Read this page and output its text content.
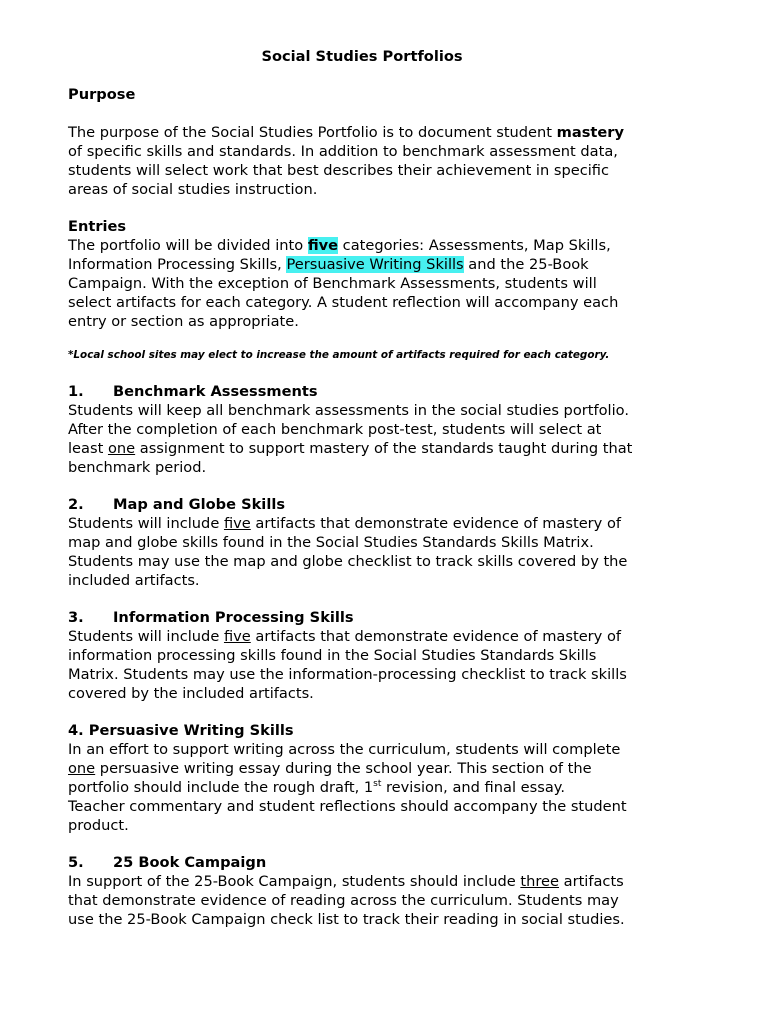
Social Studies Portfolios
Purpose
The purpose of the Social Studies Portfolio is to document student mastery
of specific skills and standards. In addition to benchmark assessment data,
students will select work that best describes their achievement in specific
areas of social studies instruction.
Entries
The portfolio will be divided into five categories: Assessments, Map Skills,
Information Processing Skills, Persuasive Writing Skills and the 25-Book
Campaign. With the exception of Benchmark Assessments, students will
select artifacts for each category. A student reflection will accompany each
entry or section as appropriate.
*Local school sites may elect to increase the amount of artifacts required for each category.
1. Benchmark Assessments
Students will keep all benchmark assessments in the social studies portfolio.
After the completion of each benchmark post-test, students will select at
least one assignment to support mastery of the standards taught during that
benchmark period.
2. Map and Globe Skills
Students will include five artifacts that demonstrate evidence of mastery of
map and globe skills found in the Social Studies Standards Skills Matrix.
Students may use the map and globe checklist to track skills covered by the
included artifacts.
3. Information Processing Skills
Students will include five artifacts that demonstrate evidence of mastery of
information processing skills found in the Social Studies Standards Skills
Matrix. Students may use the information-processing checklist to track skills
covered by the included artifacts.
4. Persuasive Writing Skills
In an effort to support writing across the curriculum, students will complete
one persuasive writing essay during the school year. This section of the
portfolio should include the rough draft, 1st revision, and final essay.
Teacher commentary and student reflections should accompany the student
product.
5. 25 Book Campaign
In support of the 25-Book Campaign, students should include three artifacts
that demonstrate evidence of reading across the curriculum. Students may
use the 25-Book Campaign check list to track their reading in social studies.
